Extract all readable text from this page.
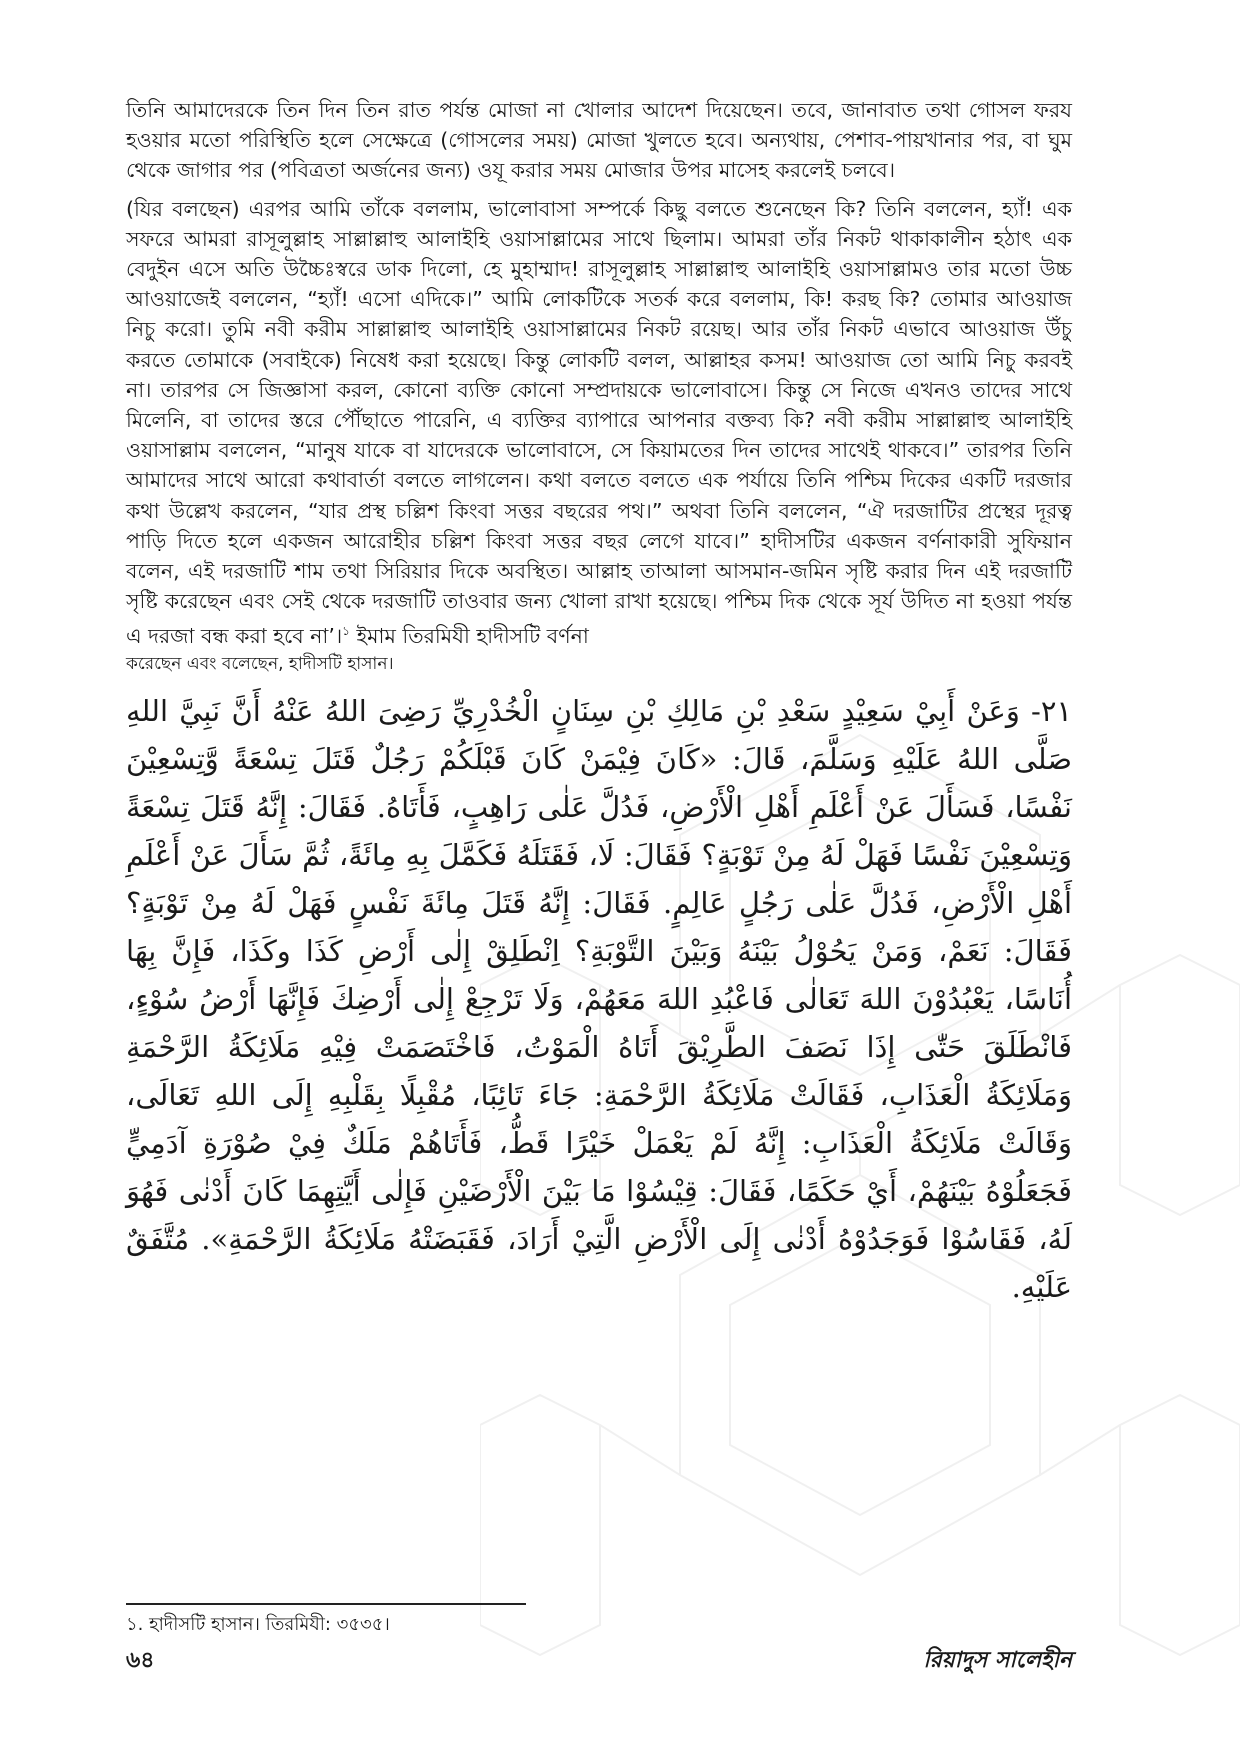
তিনি আমাদেরকে তিন দিন তিন রাত পর্যন্ত মোজা না খোলার আদেশ দিয়েছেন। তবে, জানাবাত তথা গোসল ফরয হওয়ার মতো পরিস্থিতি হলে সেক্ষেত্রে (গোসলের সময়) মোজা খুলতে হবে। অন্যথায়, পেশাব-পায়খানার পর, বা ঘুম থেকে জাগার পর (পবিত্রতা অর্জনের জন্য) ওযূ করার সময় মোজার উপর মাসেহ করলেই চলবে।

(যির বলছেন) এরপর আমি তাঁকে বললাম, ভালোবাসা সম্পর্কে কিছু বলতে শুনেছেন কি? তিনি বললেন, হ্যাঁ! এক সফরে আমরা রাসূলুল্লাহ সাল্লাল্লাহু আলাইহি ওয়াসাল্লামের সাথে ছিলাম। আমরা তাঁর নিকট থাকাকালীন হঠাৎ এক বেদুইন এসে অতি উচ্চৈঃস্বরে ডাক দিলো, হে মুহাম্মাদ! রাসূলুল্লাহ সাল্লাল্লাহু আলাইহি ওয়াসাল্লামও তার মতো উচ্চ আওয়াজেই বললেন, “হ্যাঁ! এসো এদিকে।” আমি লোকটিকে সতর্ক করে বললাম, কি! করছ কি? তোমার আওয়াজ নিচু করো। তুমি নবী করীম সাল্লাল্লাহু আলাইহি ওয়াসাল্লামের নিকট রয়েছ। আর তাঁর নিকট এভাবে আওয়াজ উঁচু করতে তোমাকে (সবাইকে) নিষেধ করা হয়েছে। কিন্তু লোকটি বলল, আল্লাহর কসম! আওয়াজ তো আমি নিচু করবই না। তারপর সে জিজ্ঞাসা করল, কোনো ব্যক্তি কোনো সম্প্রদায়কে ভালোবাসে। কিন্তু সে নিজে এখনও তাদের সাথে মিলেনি, বা তাদের স্তরে পৌঁছাতে পারেনি, এ ব্যক্তির ব্যাপারে আপনার বক্তব্য কি? নবী করীম সাল্লাল্লাহু আলাইহি ওয়াসাল্লাম বললেন, “মানুষ যাকে বা যাদেরকে ভালোবাসে, সে কিয়ামতের দিন তাদের সাথেই থাকবে।” তারপর তিনি আমাদের সাথে আরো কথাবার্তা বলতে লাগলেন। কথা বলতে বলতে এক পর্যায়ে তিনি পশ্চিম দিকের একটি দরজার কথা উল্লেখ করলেন, “যার প্রস্থ চল্লিশ কিংবা সত্তর বছরের পথ।” অথবা তিনি বললেন, “ঐ দরজাটির প্রস্থের দূরত্ব পাড়ি দিতে হলে একজন আরোহীর চল্লিশ কিংবা সত্তর বছর লেগে যাবে।” হাদীসটির একজন বর্ণনাকারী সুফিয়ান বলেন, এই দরজাটি শাম তথা সিরিয়ার দিকে অবস্থিত। আল্লাহ তাআলা আসমান-জমিন সৃষ্টি করার দিন এই দরজাটি সৃষ্টি করেছেন এবং সেই থেকে দরজাটি তাওবার জন্য খোলা রাখা হয়েছে। পশ্চিম দিক থেকে সূর্য উদিত না হওয়া পর্যন্ত এ দরজা বন্ধ করা হবে না’।$^১$ ইমাম তিরমিযী হাদীসটি বর্ণনা

করেছেন এবং বলেছেন, হাদীসটি হাসান।

٢١- وَعَنْ أَبِيْ سَعِيْدٍ سَعْدِ بْنِ مَالِكِ بْنِ سِنَانٍ الْخُدْرِيِّ رَضِىَ اللهُ عَنْهُ أَنَّ نَبِيَّ اللهِ صَلَّى اللهُ عَلَيْهِ وَسَلَّمَ، قَالَ: «كَانَ فِيْمَنْ كَانَ قَبْلَكُمْ رَجُلٌ قَتَلَ تِسْعَةً وَّتِسْعِيْنَ نَفْسًا، فَسَأَلَ عَنْ أَعْلَمِ أَهْلِ الْأَرْضِ، فَدُلَّ عَلٰى رَاهِبٍ، فَأَتَاهُ. فَقَالَ: إِنَّهُ قَتَلَ تِسْعَةً وَتِسْعِيْنَ نَفْسًا فَهَلْ لَهُ مِنْ تَوْبَةٍ؟ فَقَالَ: لَا، فَقَتَلَهُ فَكَمَّلَ بِهِ مِائَةً، ثُمَّ سَأَلَ عَنْ أَعْلَمِ أَهْلِ الْأَرْضِ، فَدُلَّ عَلٰى رَجُلٍ عَالِمٍ. فَقَالَ: إِنَّهُ قَتَلَ مِائَةَ نَفْسٍ فَهَلْ لَهُ مِنْ تَوْبَةٍ؟ فَقَالَ: نَعَمْ، وَمَنْ يَحُوْلُ بَيْنَهُ وَبَيْنَ التَّوْبَةِ؟ اِنْطَلِقْ إِلٰى أَرْضِ كَذَا وكَذَا، فَإِنَّ بِهَا أُنَاسًا، يَعْبُدُوْنَ اللهَ تَعَالٰى فَاعْبُدِ اللهَ مَعَهُمْ، وَلَا تَرْجِعْ إِلٰى أَرْضِكَ فَإِنَّهَا أَرْضُ سُوْءٍ، فَانْطَلَقَ حَتّٰى إِذَا نَصَفَ الطَّرِيْقَ أَتَاهُ الْمَوْتُ، فَاخْتَصَمَتْ فِيْهِ مَلَائِكَةُ الرَّحْمَةِ وَمَلَائِكَةُ الْعَذَابِ، فَقَالَتْ مَلَائِكَةُ الرَّحْمَةِ: جَاءَ تَائِبًا، مُقْبِلًا بِقَلْبِهِ إِلَى اللهِ تَعَالَى، وَقَالَتْ مَلَائِكَةُ الْعَذَابِ: إِنَّهُ لَمْ يَعْمَلْ خَيْرًا قَطُّ، فَأَتَاهُمْ مَلَكٌ فِيْ صُوْرَةِ آدَمِيٍّ فَجَعَلُوْهُ بَيْنَهُمْ، أَيْ حَكَمًا، فَقَالَ: قِيْسُوْا مَا بَيْنَ الْأَرْضَيْنِ فَإِلٰى أَيَّتِهِمَا كَانَ أَدْنٰى فَهُوَ لَهُ، فَقَاسُوْا فَوَجَدُوْهُ أَدْنٰى إِلَى الْأَرْضِ الَّتِيْ أَرَادَ، فَقَبَضَتْهُ مَلَائِكَةُ الرَّحْمَةِ». مُتَّفَقٌ عَلَيْهِ.

১. হাদীসটি হাসান। তিরমিযী: ৩৫৩৫।
৬৪	রিয়াদুস সালেহীন
